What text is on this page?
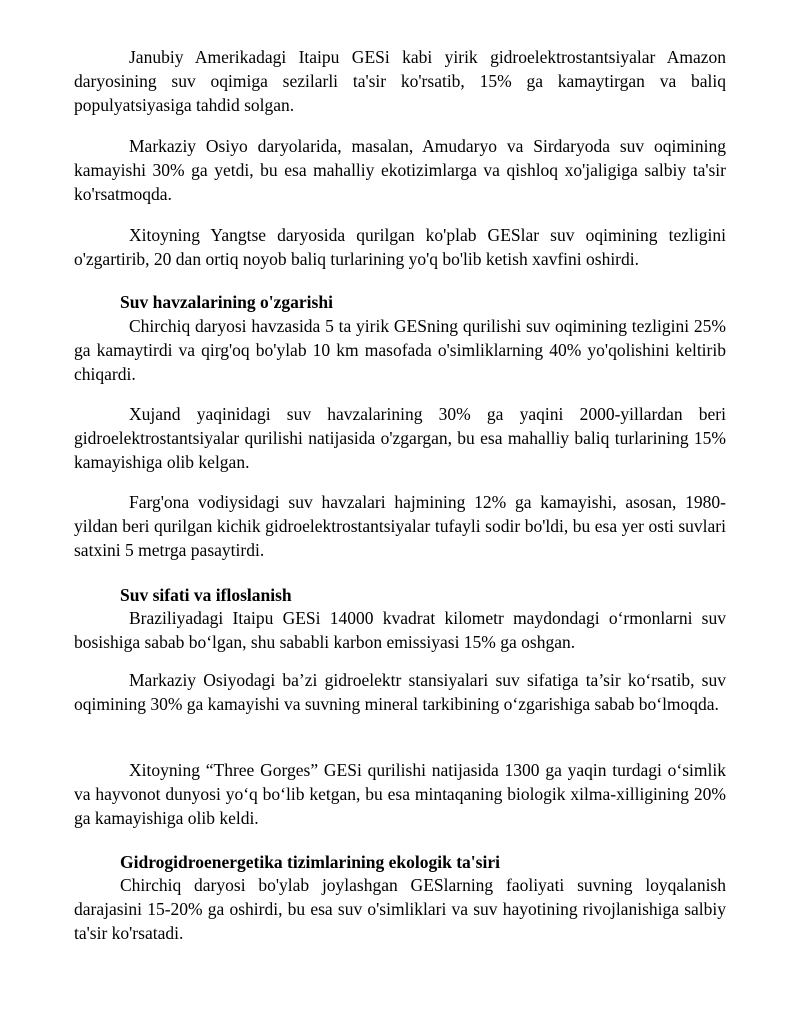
Janubiy Amerikadagi Itaipu GESi kabi yirik gidroelektrostantsiyalar Amazon daryosining suv oqimiga sezilarli ta'sir ko'rsatib, 15% ga kamaytirgan va baliq populyatsiyasiga tahdid solgan.

Markaziy Osiyo daryolarida, masalan, Amudaryo va Sirdaryoda suv oqimining kamayishi 30% ga yetdi, bu esa mahalliy ekotizimlarga va qishloq xo'jaligiga salbiy ta'sir ko'rsatmoqda.

Xitoyning Yangtse daryosida qurilgan ko'plab GESlar suv oqimining tezligini o'zgartirib, 20 dan ortiq noyob baliq turlarining yo'q bo'lib ketish xavfini oshirdi.

Suv havzalarining o'zgarishi

Chirchiq daryosi havzasida 5 ta yirik GESning qurilishi suv oqimining tezligini 25% ga kamaytirdi va qirg'oq bo'ylab 10 km masofada o'simliklarning 40% yo'qolishini keltirib chiqardi.

Xujand yaqinidagi suv havzalarining 30% ga yaqini 2000-yillardan beri gidroelektrostantsiyalar qurilishi natijasida o'zgargan, bu esa mahalliy baliq turlarining 15% kamayishiga olib kelgan.

Farg'ona vodiysidagi suv havzalari hajmining 12% ga kamayishi, asosan, 1980-yildan beri qurilgan kichik gidroelektrostantsiyalar tufayli sodir bo'ldi, bu esa yer osti suvlari satxini 5 metrga pasaytirdi.

Suv sifati va ifloslanish

Braziliyadagi Itaipu GESi 14000 kvadrat kilometr maydondagi o‘rmonlarni suv bosishiga sabab bo‘lgan, shu sababli karbon emissiyasi 15% ga oshgan.

Markaziy Osiyodagi ba’zi gidroelektr stansiyalari suv sifatiga ta’sir ko‘rsatib, suv oqimining 30% ga kamayishi va suvning mineral tarkibining o‘zgarishiga sabab bo‘lmoqda.

Xitoyning “Three Gorges” GESi qurilishi natijasida 1300 ga yaqin turdagi o‘simlik va hayvonot dunyosi yo‘q bo‘lib ketgan, bu esa mintaqaning biologik xilma-xilligining 20% ga kamayishiga olib keldi.

Gidrogidroenergetika tizimlarining ekologik ta'siri

Chirchiq daryosi bo'ylab joylashgan GESlarning faoliyati suvning loyqalanish darajasini 15-20% ga oshirdi, bu esa suv o'simliklari va suv hayotining rivojlanishiga salbiy ta'sir ko'rsatadi.
